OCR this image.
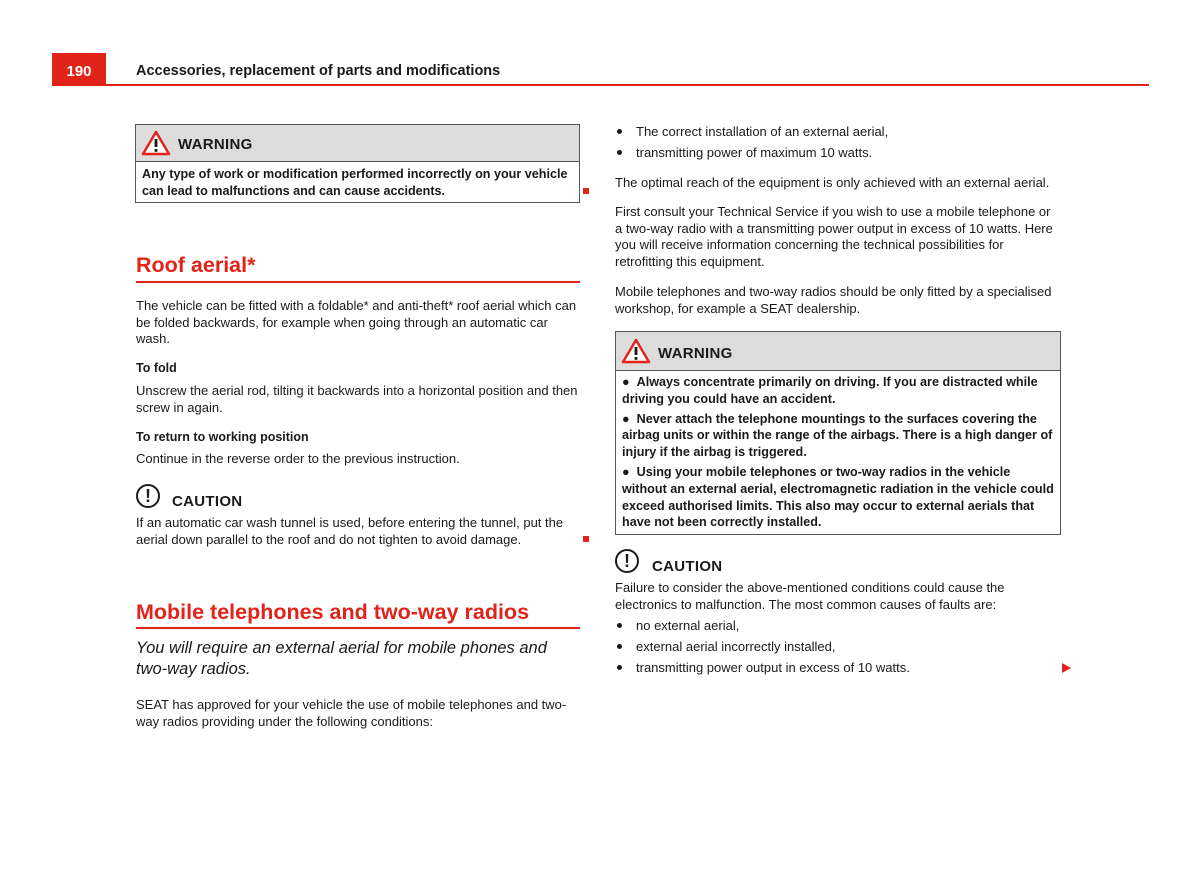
190	Accessories, replacement of parts and modifications
WARNING

Any type of work or modification performed incorrectly on your vehicle can lead to malfunctions and can cause accidents.

Roof aerial*

The vehicle can be fitted with a foldable* and anti-theft* roof aerial which can be folded backwards, for example when going through an automatic car wash.

To fold

Unscrew the aerial rod, tilting it backwards into a horizontal position and then screw in again.

To return to working position

Continue in the reverse order to the previous instruction.

!	CAUTION

If an automatic car wash tunnel is used, before entering the tunnel, put the aerial down parallel to the roof and do not tighten to avoid damage.

Mobile telephones and two-way radios

You will require an external aerial for mobile phones and two-way radios.

SEAT has approved for your vehicle the use of mobile telephones and two-way radios providing under the following conditions:

The correct installation of an external aerial,
transmitting power of maximum 10 watts.

The optimal reach of the equipment is only achieved with an external aerial.

First consult your Technical Service if you wish to use a mobile telephone or a two-way radio with a transmitting power output in excess of 10 watts. Here you will receive information concerning the technical possibilities for retrofitting this equipment.

Mobile telephones and two-way radios should be only fitted by a specialised workshop, for example a SEAT dealership.

WARNING

●  Always concentrate primarily on driving. If you are distracted while driving you could have an accident.

●  Never attach the telephone mountings to the surfaces covering the airbag units or within the range of the airbags. There is a high danger of injury if the airbag is triggered.

●  Using your mobile telephones or two-way radios in the vehicle without an external aerial, electromagnetic radiation in the vehicle could exceed authorised limits. This also may occur to external aerials that have not been correctly installed.

!	CAUTION

Failure to consider the above-mentioned conditions could cause the electronics to malfunction. The most common causes of faults are:

no external aerial,
external aerial incorrectly installed,
transmitting power output in excess of 10 watts.
